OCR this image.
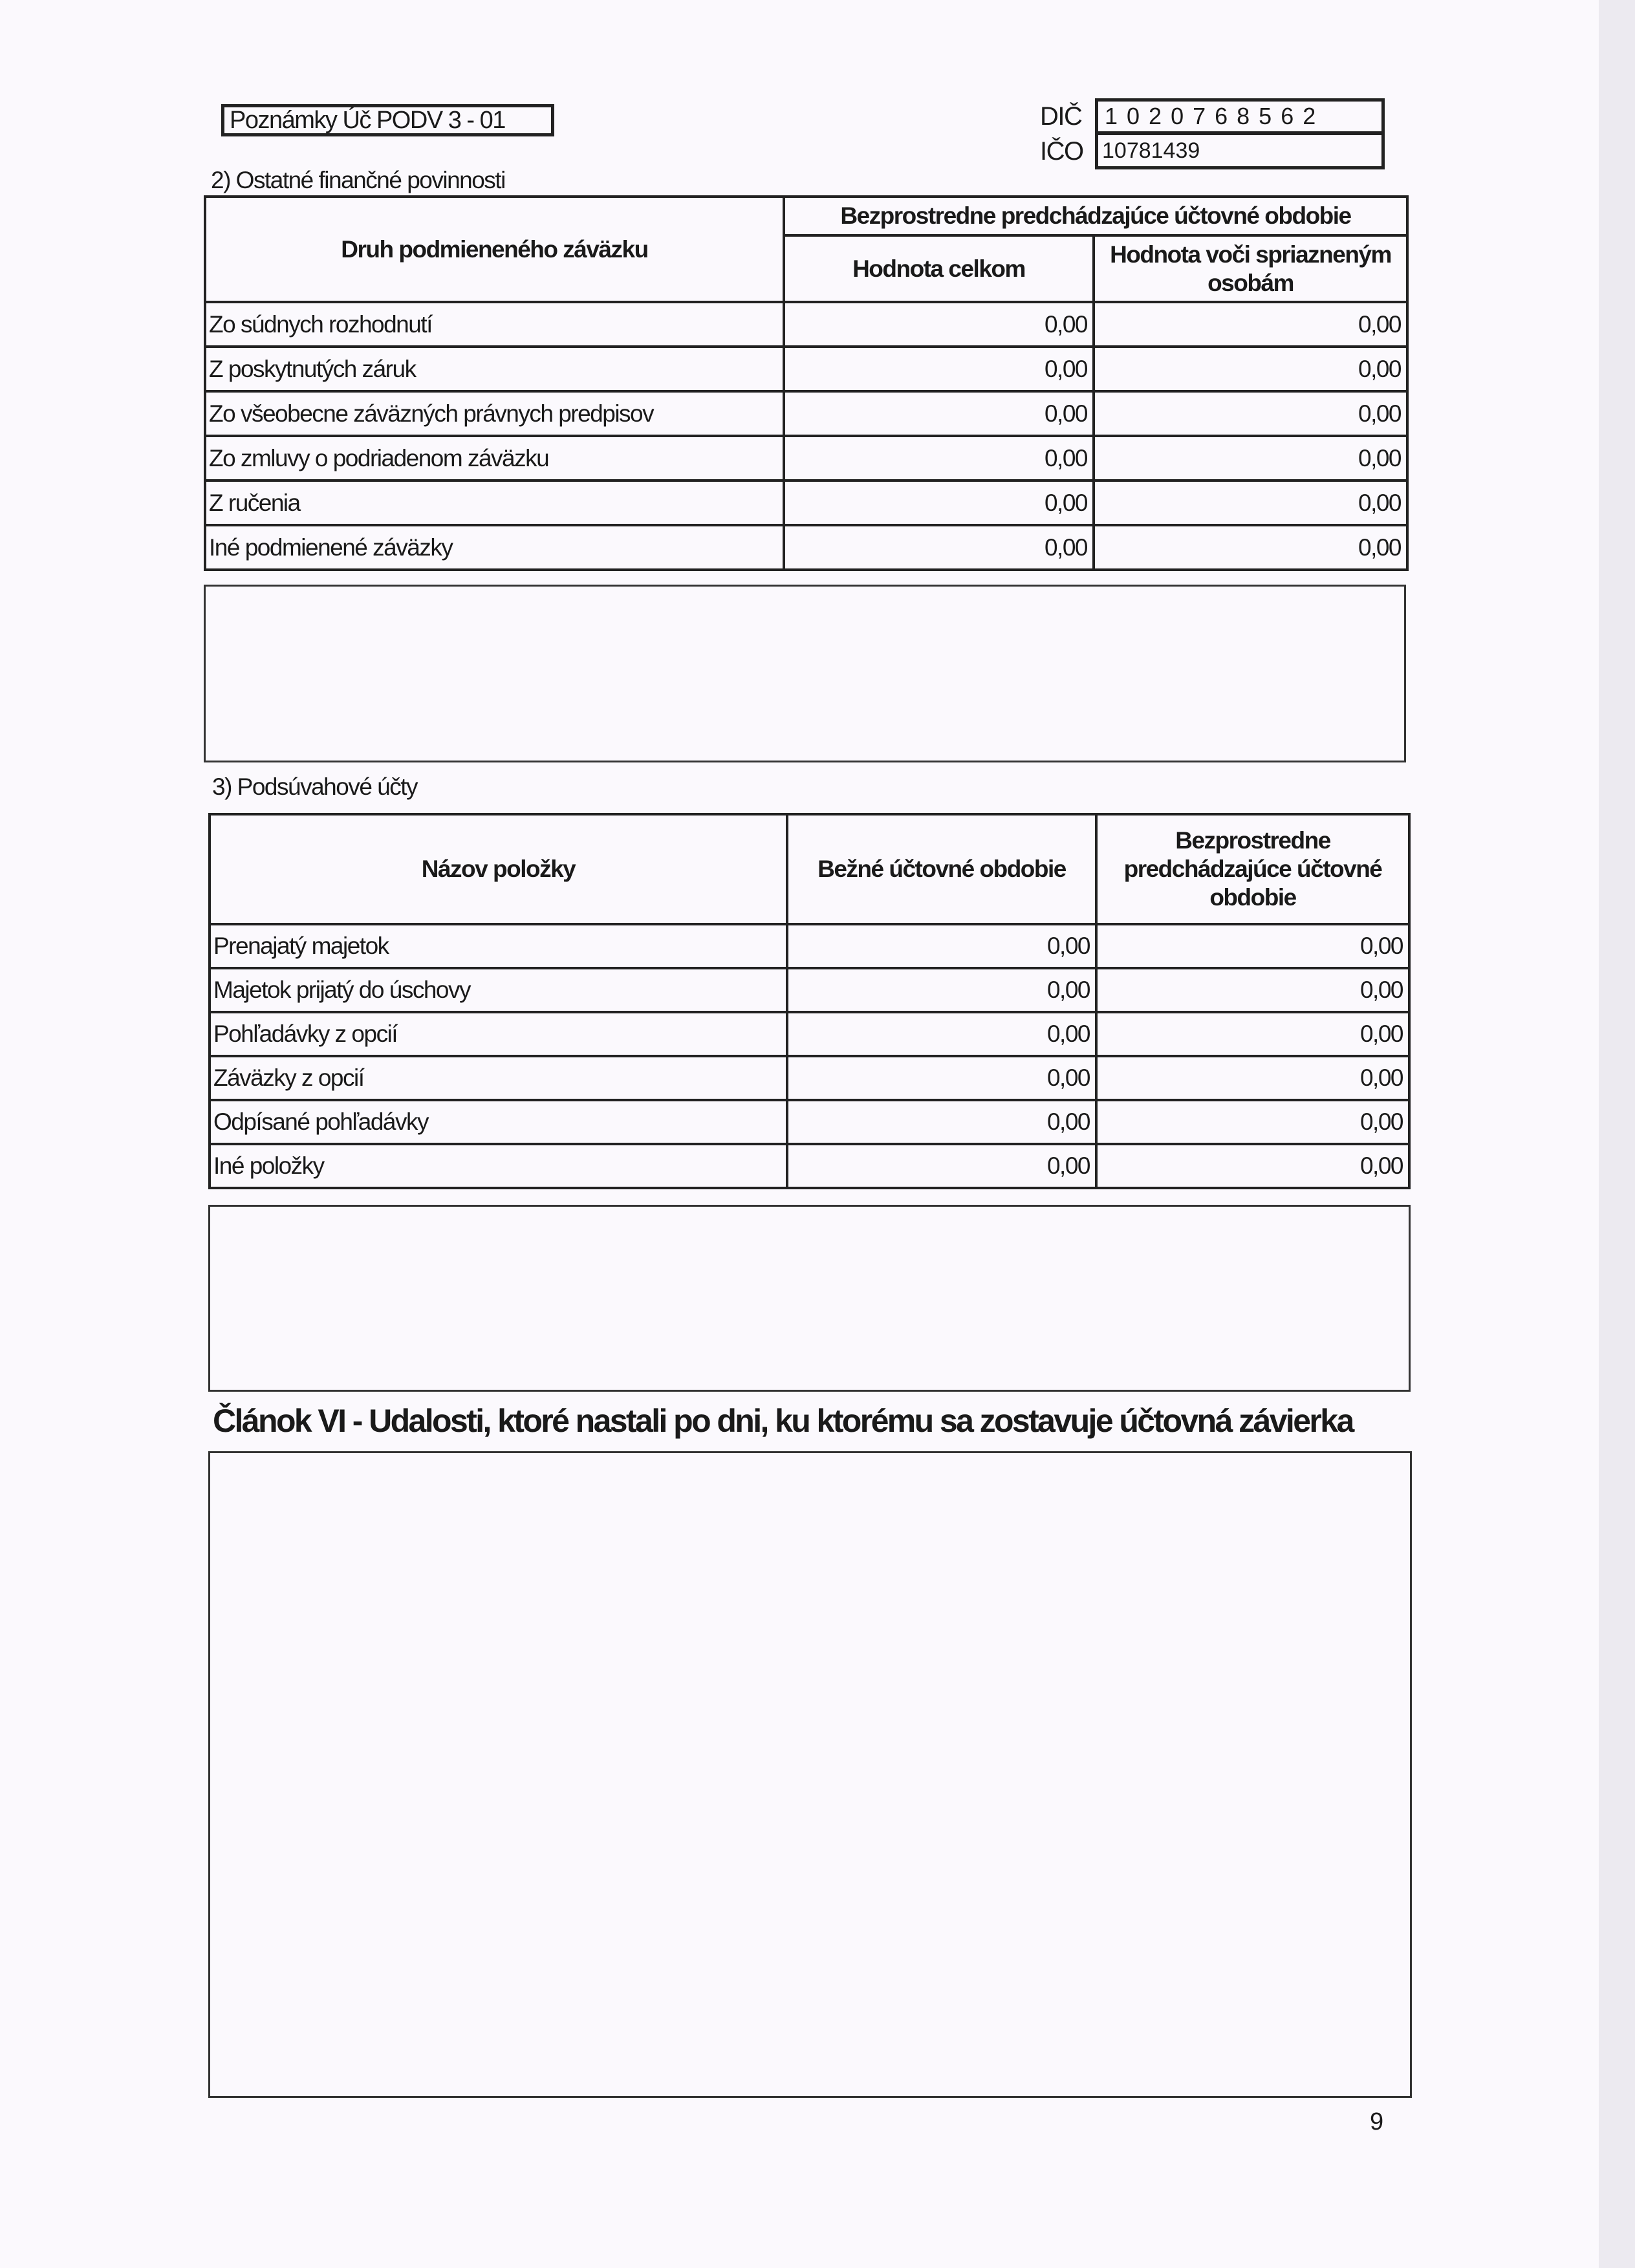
Poznámky Úč PODV 3 - 01	DIČ 1 0 2 0 7 6 8 5 6 2
IČO 10781439
2) Ostatné finančné povinnosti
Druh podmieneného záväzku	Bezprostredne predchádzajúce účtovné obdobie	
	Hodnota celkom	Hodnota voči spriazneným osobám
Zo súdnych rozhodnutí	0,00	0,00
Z poskytnutých záruk	0,00	0,00
Zo všeobecne záväzných právnych predpisov	0,00	0,00
Zo zmluvy o podriadenom záväzku	0,00	0,00
Z ručenia	0,00	0,00
Iné podmienené záväzky	0,00	0,00
3) Podsúvahové účty
Názov položky	Bežné účtovné obdobie	Bezprostredne predchádzajúce účtovné obdobie
Prenajatý majetok	0,00	0,00
Majetok prijatý do úschovy	0,00	0,00
Pohľadávky z opcií	0,00	0,00
Záväzky z opcií	0,00	0,00
Odpísané pohľadávky	0,00	0,00
Iné položky	0,00	0,00
Článok VI - Udalosti, ktoré nastali po dni, ku ktorému sa zostavuje účtovná závierka
9
